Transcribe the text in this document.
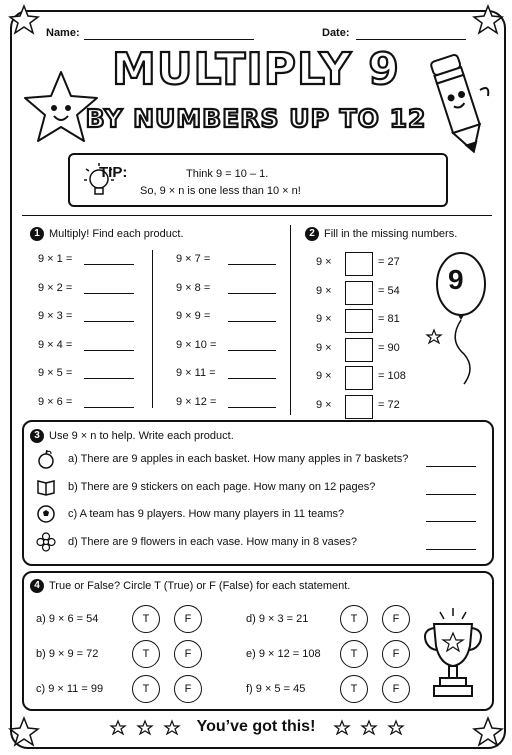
Name:	Date:
MULTIPLY 9
BY NUMBERS UP TO 12
TIP:	Think 9 = 10 – 1.
So, 9 × n is one less than 10 × n!
1 Multiply! Find each product.
9 × 1 =
9 × 2 =
9 × 3 =
9 × 4 =
9 × 5 =
9 × 6 =
9 × 7 =
9 × 8 =
9 × 9 =
9 × 10 =
9 × 11 =
9 × 12 =
2 Fill in the missing numbers.
9 ×	= 27
9 ×	= 54
9 ×	= 81
9 ×	= 90
9 ×	= 108
9 ×	= 72
9
3 Use 9 × n to help. Write each product.
a) There are 9 apples in each basket. How many apples in 7 baskets?
b) There are 9 stickers on each page. How many on 12 pages?
c) A team has 9 players. How many players in 11 teams?
d) There are 9 flowers in each vase. How many in 8 vases?
4 True or False? Circle T (True) or F (False) for each statement.
a) 9 × 6 = 54	T	F
b) 9 × 9 = 72	T	F
c) 9 × 11 = 99	T	F
d) 9 × 3 = 21	T	F
e) 9 × 12 = 108	T	F
f) 9 × 5 = 45	T	F
You’ve got this!
